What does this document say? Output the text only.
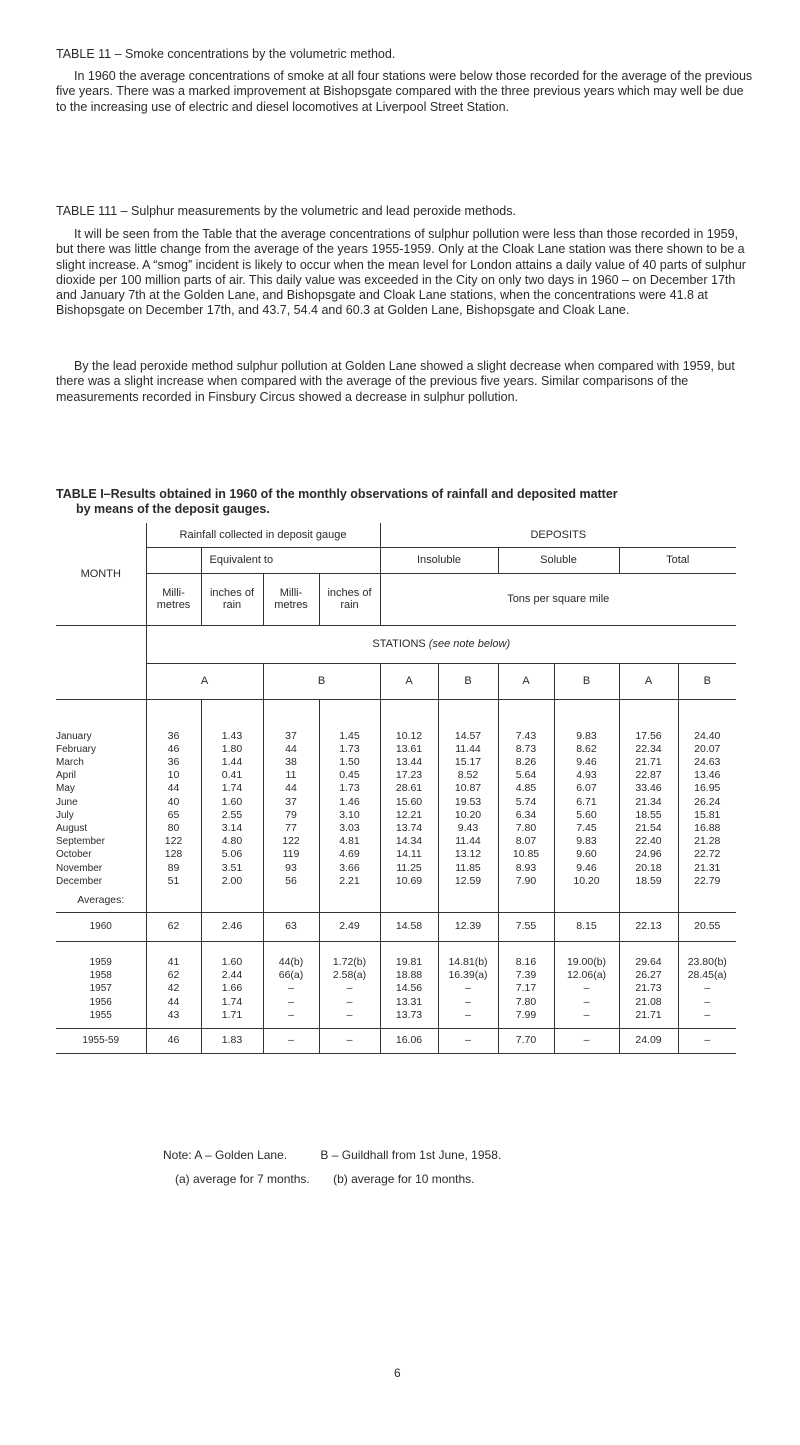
TABLE 11 – Smoke concentrations by the volumetric method.

In 1960 the average concentrations of smoke at all four stations were below those recorded for the average of the previous five years. There was a marked improvement at Bishopsgate compared with the three previous years which may well be due to the increasing use of electric and diesel locomotives at Liverpool Street Station.

TABLE 111 – Sulphur measurements by the volumetric and lead peroxide methods.

It will be seen from the Table that the average concentrations of sulphur pollution were less than those recorded in 1959, but there was little change from the average of the years 1955-1959. Only at the Cloak Lane station was there shown to be a slight increase. A “smog” incident is likely to occur when the mean level for London attains a daily value of 40 parts of sulphur dioxide per 100 million parts of air. This daily value was exceeded in the City on only two days in 1960 – on December 17th and January 7th at the Golden Lane, and Bishopsgate and Cloak Lane stations, when the concentrations were 41.8 at Bishopsgate on December 17th, and 43.7, 54.4 and 60.3 at Golden Lane, Bishopsgate and Cloak Lane.

By the lead peroxide method sulphur pollution at Golden Lane showed a slight decrease when compared with 1959, but there was a slight increase when compared with the average of the previous five years. Similar comparisons of the measurements recorded in Finsbury Circus showed a decrease in sulphur pollution.

TABLE I–Results obtained in 1960 of the monthly observations of rainfall and deposited matter
by means of the deposit gauges.

MONTH	Rainfall collected in deposit gauge				DEPOSITS					
		Equivalent to			Insoluble		Soluble		Total	
	Milli- metres	inches of rain	Milli- metres	inches of rain	Tons per square mile					
	STATIONS (see note below)									
	A		B		A	B	A	B	A	B

January	36	1.43	37	1.45	10.12	14.57	7.43	9.83	17.56	24.40
February	46	1.80	44	1.73	13.61	11.44	8.73	8.62	22.34	20.07
March	36	1.44	38	1.50	13.44	15.17	8.26	9.46	21.71	24.63
April	10	0.41	11	0.45	17.23	8.52	5.64	4.93	22.87	13.46
May	44	1.74	44	1.73	28.61	10.87	4.85	6.07	33.46	16.95
June	40	1.60	37	1.46	15.60	19.53	5.74	6.71	21.34	26.24
July	65	2.55	79	3.10	12.21	10.20	6.34	5.60	18.55	15.81
August	80	3.14	77	3.03	13.74	9.43	7.80	7.45	21.54	16.88
September	122	4.80	122	4.81	14.34	11.44	8.07	9.83	22.40	21.28
October	128	5.06	119	4.69	14.11	13.12	10.85	9.60	24.96	22.72
November	89	3.51	93	3.66	11.25	11.85	8.93	9.46	20.18	21.31
December	51	2.00	56	2.21	10.69	12.59	7.90	10.20	18.59	22.79
Averages:										
1960	62	2.46	63	2.49	14.58	12.39	7.55	8.15	22.13	20.55

1959	41	1.60	44(b)	1.72(b)	19.81	14.81(b)	8.16	19.00(b)	29.64	23.80(b)
1958	62	2.44	66(a)	2.58(a)	18.88	16.39(a)	7.39	12.06(a)	26.27	28.45(a)
1957	42	1.66	–	–	14.56	–	7.17	–	21.73	–
1956	44	1.74	–	–	13.31	–	7.80	–	21.08	–
1955	43	1.71	–	–	13.73	–	7.99	–	21.71	–

1955-59	46	1.83	–	–	16.06	–	7.70	–	24.09	–

Note: A – Golden Lane.          B – Guildhall from 1st June, 1958.

(a) average for 7 months.       (b) average for 10 months.

6
